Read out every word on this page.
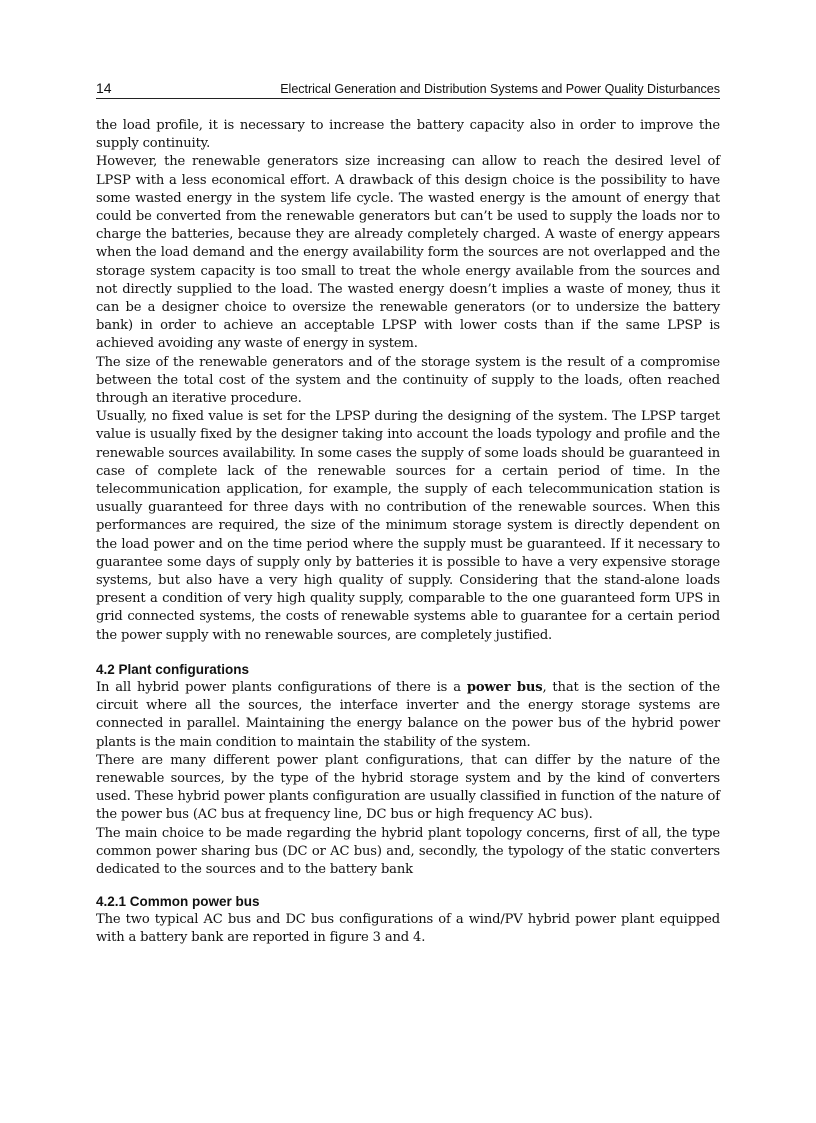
14	Electrical Generation and Distribution Systems and Power Quality Disturbances

the load profile, it is necessary to increase the battery capacity also in order to improve the supply continuity.

However, the renewable generators size increasing can allow to reach the desired level of LPSP with a less economical effort. A drawback of this design choice is the possibility to have some wasted energy in the system life cycle. The wasted energy is the amount of energy that could be converted from the renewable generators but can’t be used to supply the loads nor to charge the batteries, because they are already completely charged. A waste of energy appears when the load demand and the energy availability form the sources are not overlapped and the storage system capacity is too small to treat the whole energy available from the sources and not directly supplied to the load. The wasted energy doesn’t implies a waste of money, thus it can be a designer choice to oversize the renewable generators (or to undersize the battery bank) in order to achieve an acceptable LPSP with lower costs than if the same LPSP is achieved avoiding any waste of energy in system.

The size of the renewable generators and of the storage system is the result of a compromise between the total cost of the system and the continuity of supply to the loads, often reached through an iterative procedure.

Usually, no fixed value is set for the LPSP during the designing of the system. The LPSP target value is usually fixed by the designer taking into account the loads typology and profile and the renewable sources availability. In some cases the supply of some loads should be guaranteed in case of complete lack of the renewable sources for a certain period of time. In the telecommunication application, for example, the supply of each telecommunication station is usually guaranteed for three days with no contribution of the renewable sources. When this performances are required, the size of the minimum storage system is directly dependent on the load power and on the time period where the supply must be guaranteed. If it necessary to guarantee some days of supply only by batteries it is possible to have a very expensive storage systems, but also have a very high quality of supply. Considering that the stand-alone loads present a condition of very high quality supply, comparable to the one guaranteed form UPS in grid connected systems, the costs of renewable systems able to guarantee for a certain period the power supply with no renewable sources, are completely justified.

4.2 Plant configurations

In all hybrid power plants configurations of there is a power bus, that is the section of the circuit where all the sources, the interface inverter and the energy storage systems are connected in parallel. Maintaining the energy balance on the power bus of the hybrid power plants is the main condition to maintain the stability of the system.

There are many different power plant configurations, that can differ by the nature of the renewable sources, by the type of the hybrid storage system and by the kind of converters used. These hybrid power plants configuration are usually classified in function of the nature of the power bus (AC bus at frequency line, DC bus or high frequency AC bus).

The main choice to be made regarding the hybrid plant topology concerns, first of all, the type common power sharing bus (DC or AC bus) and, secondly, the typology of the static converters dedicated to the sources and to the battery bank

4.2.1 Common power bus

The two typical AC bus and DC bus configurations of a wind/PV hybrid power plant equipped with a battery bank are reported in figure 3 and 4.
